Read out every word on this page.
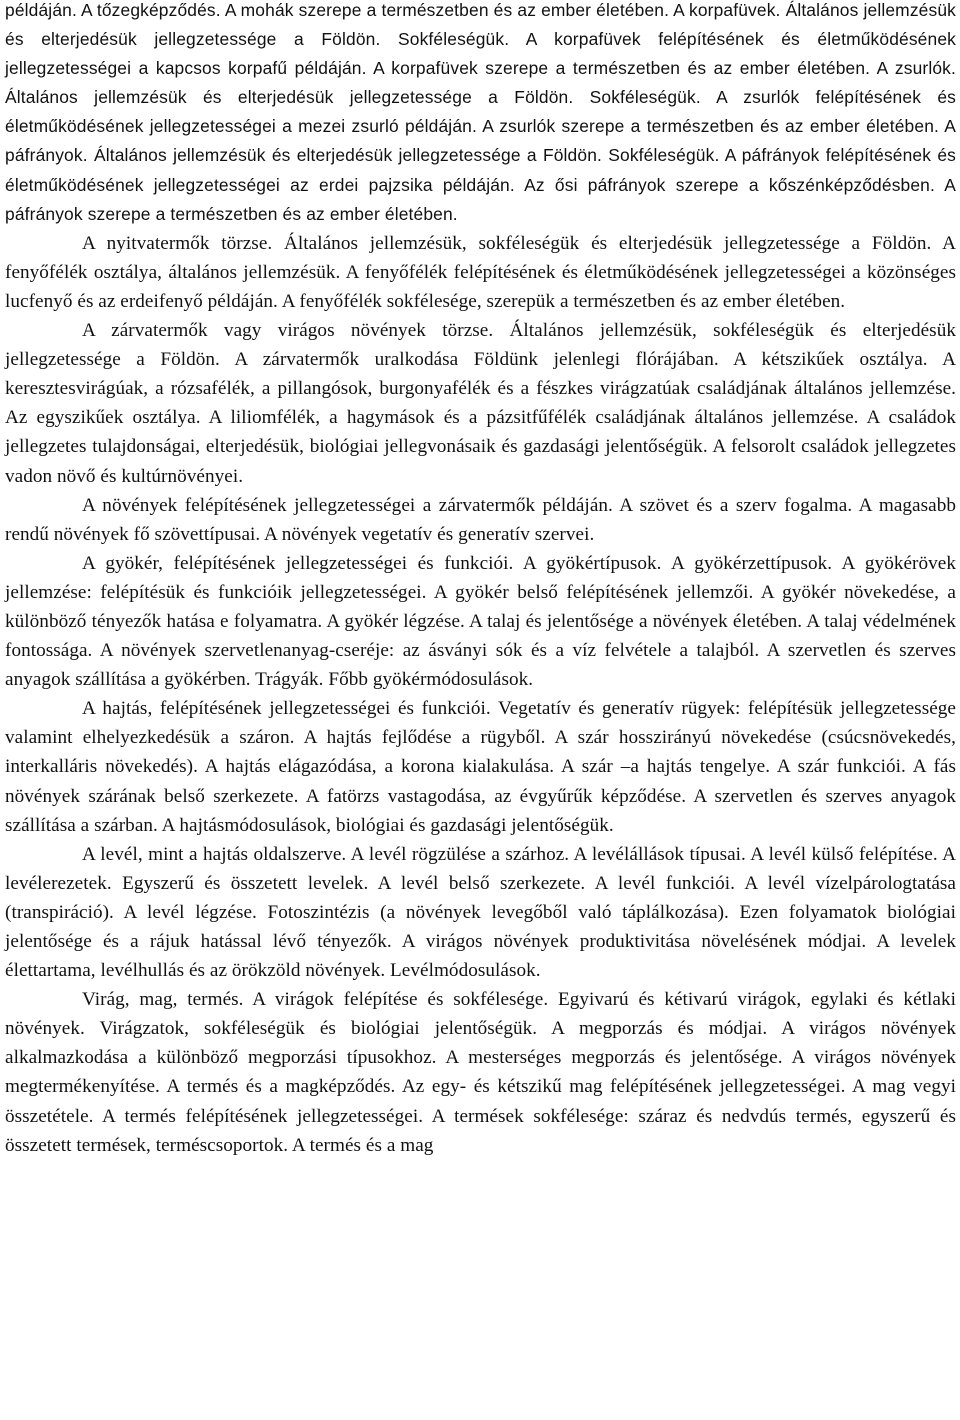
példáján. A tőzegképződés. A mohák szerepe a természetben és az ember életében. A korpafüvek. Általános jellemzésük és elterjedésük jellegzetessége a Földön. Sokféleségük. A korpafüvek felépítésének és életműködésének jellegzetességei a kapcsos korpafű példáján. A korpafüvek szerepe a természetben és az ember életében. A zsurlók. Általános jellemzésük és elterjedésük jellegzetessége a Földön. Sokféleségük. A zsurlók felépítésének és életműködésének jellegzetességei a mezei zsurló példáján. A zsurlók szerepe a természetben és az ember életében. A páfrányok. Általános jellemzésük és elterjedésük jellegzetessége a Földön. Sokféleségük. A páfrányok felépítésének és életműködésének jellegzetességei az erdei pajzsika példáján. Az ősi páfrányok szerepe a kőszénképződésben. A páfrányok szerepe a természetben és az ember életében.

A nyitvatermők törzse. Általános jellemzésük, sokféleségük és elterjedésük jellegzetessége a Földön. A fenyőfélék osztálya, általános jellemzésük. A fenyőfélék felépítésének és életműködésének jellegzetességei a közönséges lucfenyő és az erdeifenyő példáján. A fenyőfélék sokfélesége, szerepük a természetben és az ember életében.

A zárvatermők vagy virágos növények törzse. Általános jellemzésük, sokféleségük és elterjedésük jellegzetessége a Földön. A zárvatermők uralkodása Földünk jelenlegi flórájában. A kétszikűek osztálya. A keresztesvirágúak, a rózsafélék, a pillangósok, burgonyafélék és a fészkes virágzatúak családjának általános jellemzése. Az egyszikűek osztálya. A liliomfélék, a hagymások és a pázsitfűfélék családjának általános jellemzése. A családok jellegzetes tulajdonságai, elterjedésük, biológiai jellegvonásaik és gazdasági jelentőségük. A felsorolt családok jellegzetes vadon növő és kultúrnövényei.

A növények felépítésének jellegzetességei a zárvatermők példáján. A szövet és a szerv fogalma. A magasabb rendű növények fő szövettípusai. A növények vegetatív és generatív szervei.

A gyökér, felépítésének jellegzetességei és funkciói. A gyökértípusok. A gyökérzettípusok. A gyökérövek jellemzése: felépítésük és funkcióik jellegzetességei. A gyökér belső felépítésének jellemzői. A gyökér növekedése, a különböző tényezők hatása e folyamatra. A gyökér légzése. A talaj és jelentősége a növények életében. A talaj védelmének fontossága. A növények szervetlenanyag-cseréje: az ásványi sók és a víz felvétele a talajból. A szervetlen és szerves anyagok szállítása a gyökérben. Trágyák. Főbb gyökérmódosulások.

A hajtás, felépítésének jellegzetességei és funkciói. Vegetatív és generatív rügyek: felépítésük jellegzetessége valamint elhelyezkedésük a száron. A hajtás fejlődése a rügyből. A szár hosszirányú növekedése (csúcsnövekedés, interkalláris növekedés). A hajtás elágazódása, a korona kialakulása. A szár –a hajtás tengelye. A szár funkciói. A fás növények szárának belső szerkezete. A fatörzs vastagodása, az évgyűrűk képződése. A szervetlen és szerves anyagok szállítása a szárban. A hajtásmódosulások, biológiai és gazdasági jelentőségük.

A levél, mint a hajtás oldalszerve. A levél rögzülése a szárhoz. A levélállások típusai. A levél külső felépítése. A levélerezetek. Egyszerű és összetett levelek. A levél belső szerkezete. A levél funkciói. A levél vízelpárologtatása (transpiráció). A levél légzése. Fotoszintézis (a növények levegőből való táplálkozása). Ezen folyamatok biológiai jelentősége és a rájuk hatással lévő tényezők. A virágos növények produktivitása növelésének módjai. A levelek élettartama, levélhullás és az örökzöld növények. Levélmódosulások.

Virág, mag, termés. A virágok felépítése és sokfélesége. Egyivarú és kétivarú virágok, egylaki és kétlaki növények. Virágzatok, sokféleségük és biológiai jelentőségük. A megporzás és módjai. A virágos növények alkalmazkodása a különböző megporzási típusokhoz. A mesterséges megporzás és jelentősége. A virágos növények megtermékenyítése. A termés és a magképződés. Az egy- és kétszikű mag felépítésének jellegzetességei. A mag vegyi összetétele. A termés felépítésének jellegzetességei. A termések sokfélesége: száraz és nedvdús termés, egyszerű és összetett termések, terméscsoportok. A termés és a mag
